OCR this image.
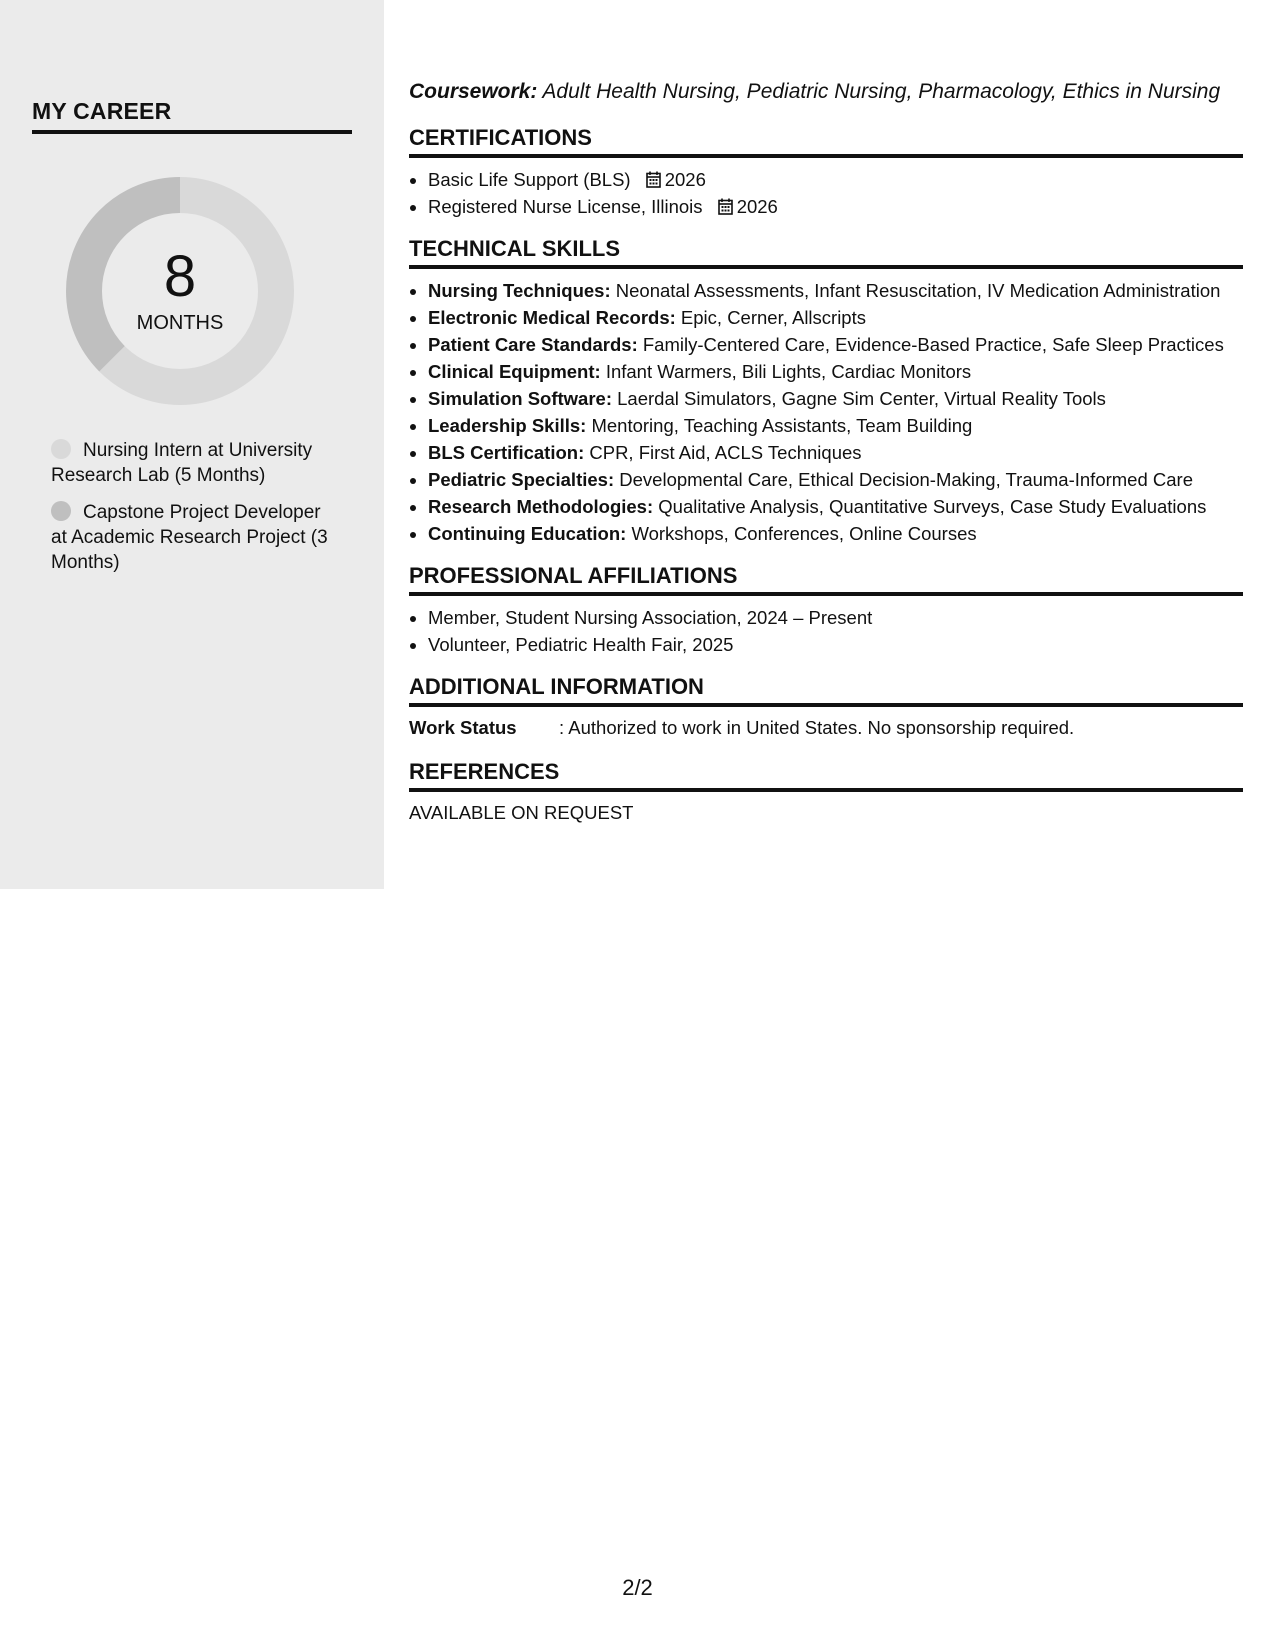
MY CAREER
8
MONTHS
Nursing Intern at University Research Lab (5 Months)
Capstone Project Developer at Academic Research Project (3 Months)
Coursework: Adult Health Nursing, Pediatric Nursing, Pharmacology, Ethics in Nursing
CERTIFICATIONS
• Basic Life Support (BLS) 2026
• Registered Nurse License, Illinois 2026
TECHNICAL SKILLS
• Nursing Techniques: Neonatal Assessments, Infant Resuscitation, IV Medication Administration
• Electronic Medical Records: Epic, Cerner, Allscripts
• Patient Care Standards: Family-Centered Care, Evidence-Based Practice, Safe Sleep Practices
• Clinical Equipment: Infant Warmers, Bili Lights, Cardiac Monitors
• Simulation Software: Laerdal Simulators, Gagne Sim Center, Virtual Reality Tools
• Leadership Skills: Mentoring, Teaching Assistants, Team Building
• BLS Certification: CPR, First Aid, ACLS Techniques
• Pediatric Specialties: Developmental Care, Ethical Decision-Making, Trauma-Informed Care
• Research Methodologies: Qualitative Analysis, Quantitative Surveys, Case Study Evaluations
• Continuing Education: Workshops, Conferences, Online Courses
PROFESSIONAL AFFILIATIONS
• Member, Student Nursing Association, 2024 – Present
• Volunteer, Pediatric Health Fair, 2025
ADDITIONAL INFORMATION
Work Status : Authorized to work in United States. No sponsorship required.
REFERENCES
AVAILABLE ON REQUEST
2/2
